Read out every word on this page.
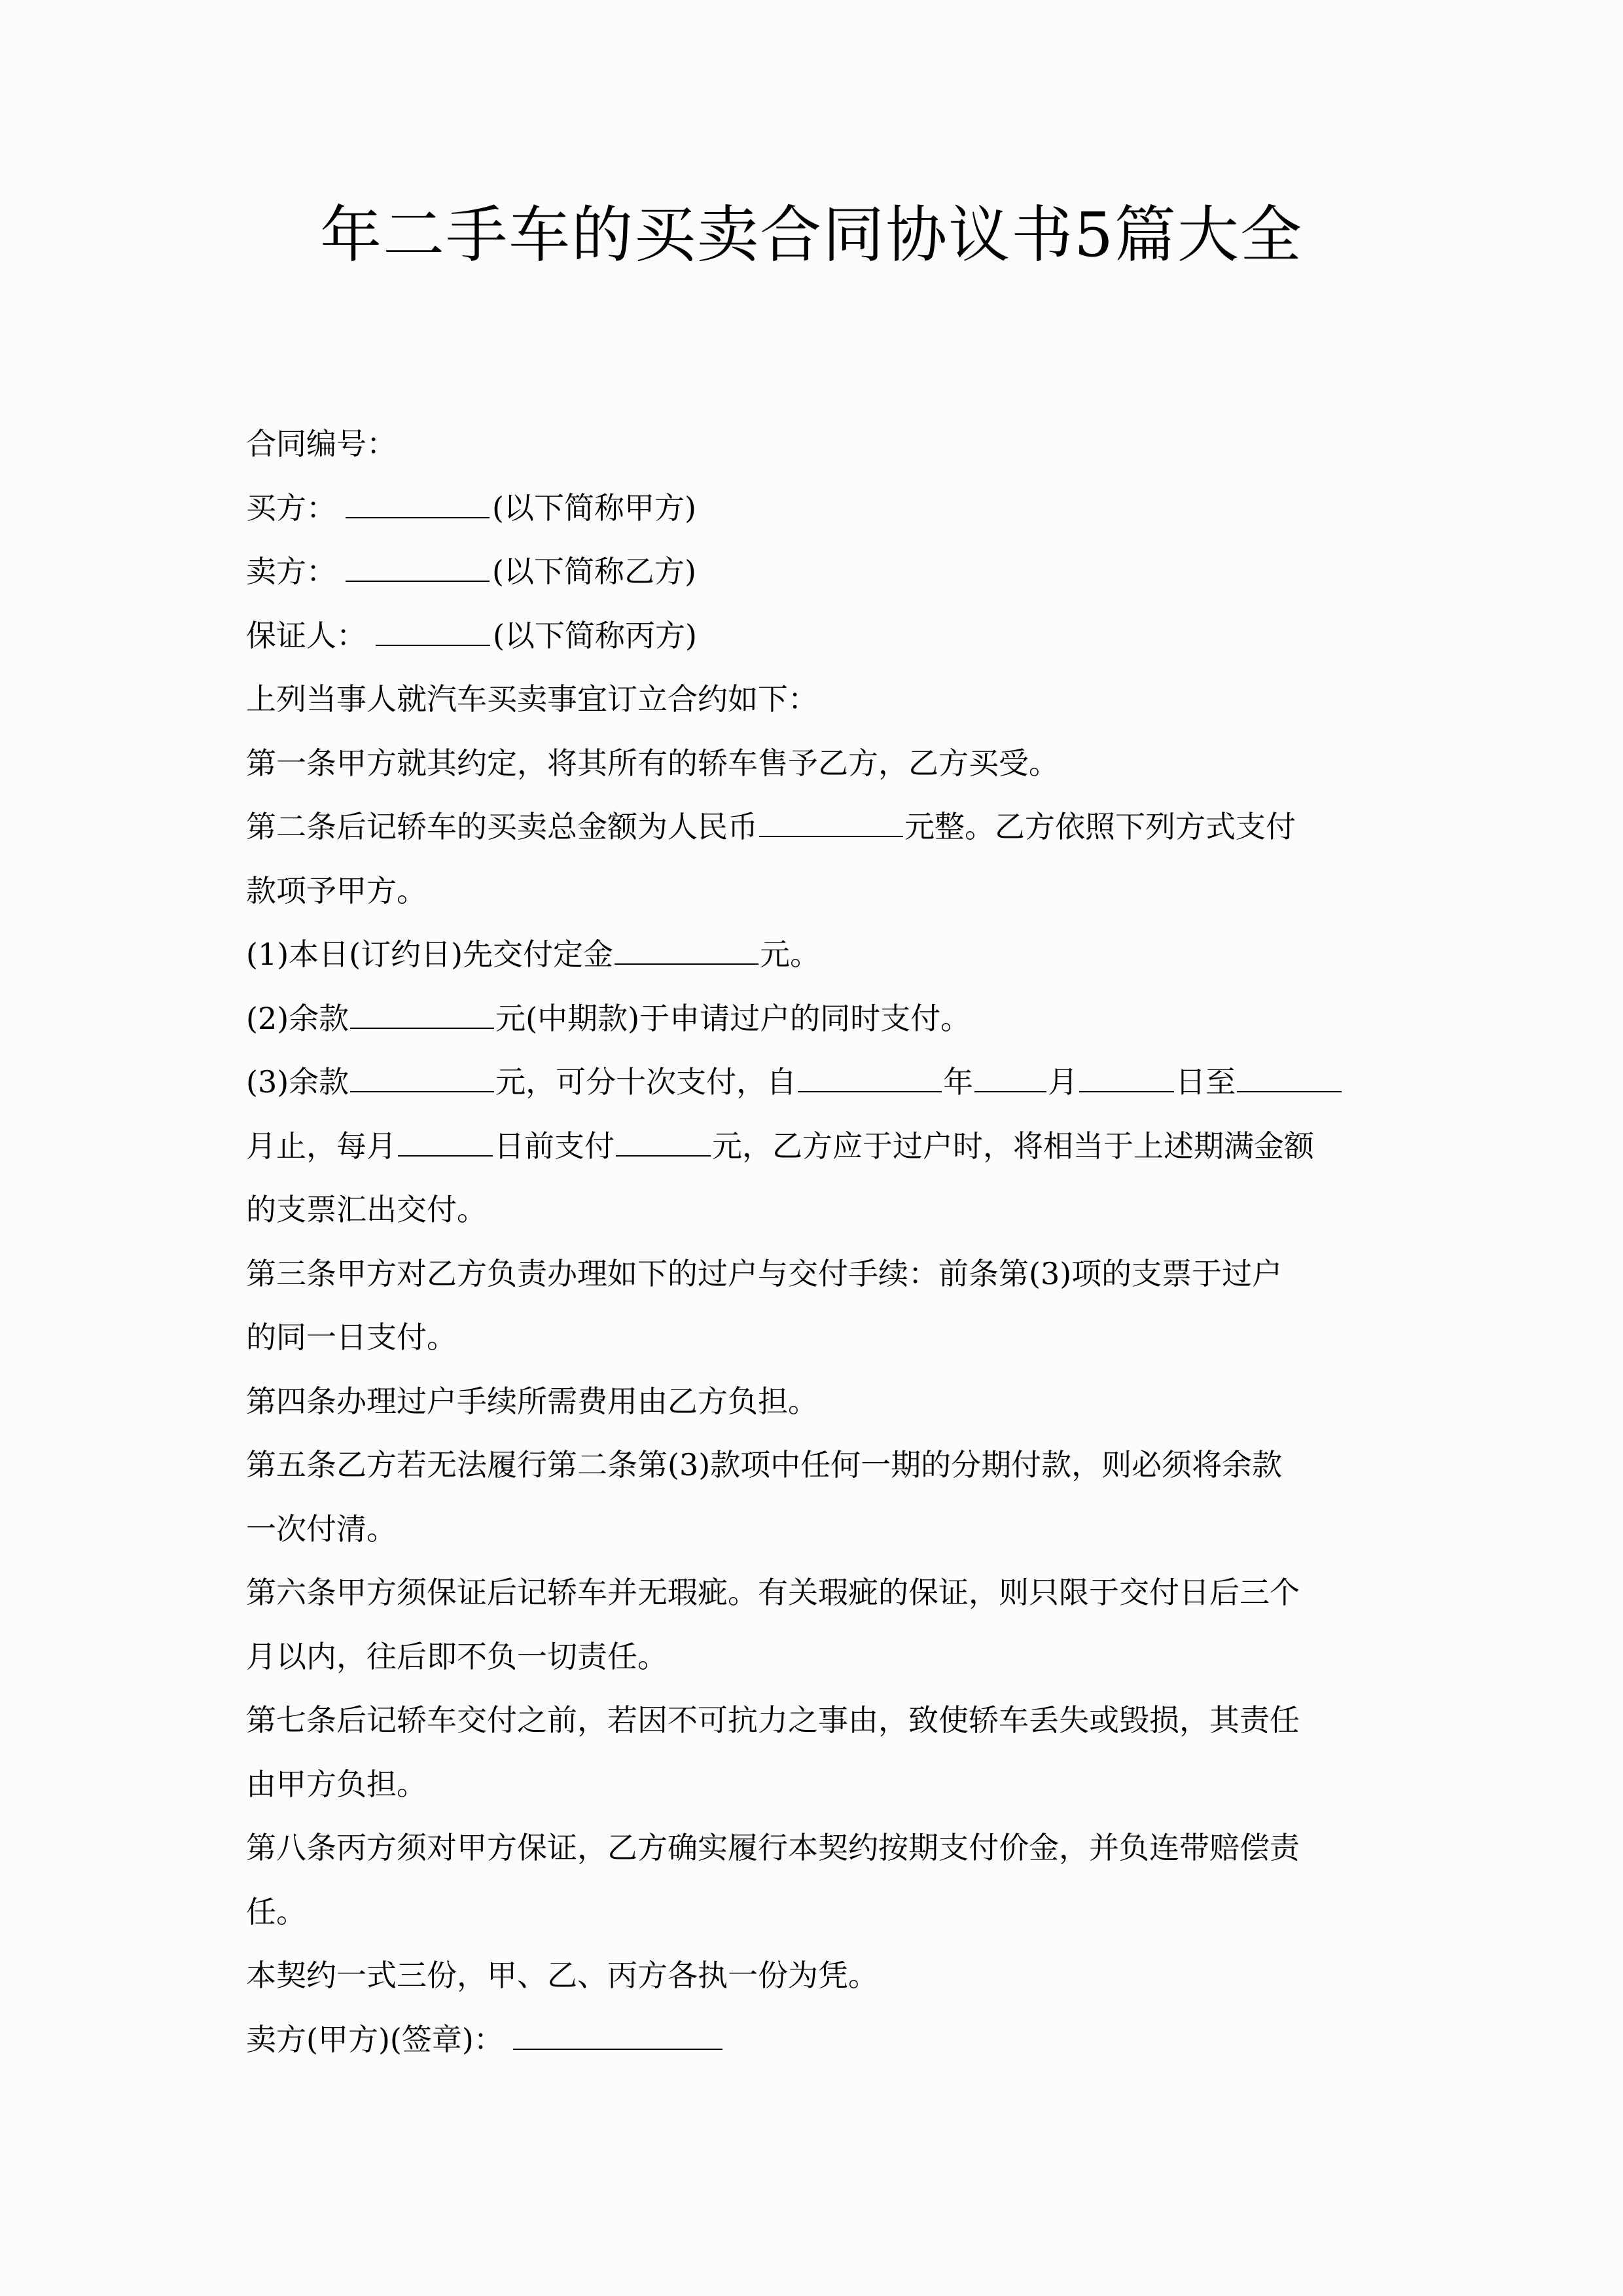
年二手车的买卖合同协议书5篇大全
合同编号：
买方：	(以下简称甲方)
卖方：	(以下简称乙方)
保证人：	(以下简称丙方)
上列当事人就汽车买卖事宜订立合约如下：
第一条甲方就其约定，将其所有的轿车售予乙方，乙方买受。
第二条后记轿车的买卖总金额为人民币	元整。乙方依照下列方式支付
款项予甲方。
(1)本日(订约日)先交付定金	元。
(2)余款	元(中期款)于申请过户的同时支付。
(3)余款	元，可分十次支付，自	年 月	日至
月止，每月	日前支付	元，乙方应于过户时，将相当于上述期满金额
的支票汇出交付。
第三条甲方对乙方负责办理如下的过户与交付手续：前条第(3)项的支票于过户
的同一日支付。
第四条办理过户手续所需费用由乙方负担。
第五条乙方若无法履行第二条第(3)款项中任何一期的分期付款，则必须将余款
一次付清。
第六条甲方须保证后记轿车并无瑕疵。有关瑕疵的保证，则只限于交付日后三个
月以内，往后即不负一切责任。
第七条后记轿车交付之前，若因不可抗力之事由，致使轿车丢失或毁损，其责任
由甲方负担。
第八条丙方须对甲方保证，乙方确实履行本契约按期支付价金，并负连带赔偿责
任。
本契约一式三份，甲、乙、丙方各执一份为凭。
卖方(甲方)(签章)：
